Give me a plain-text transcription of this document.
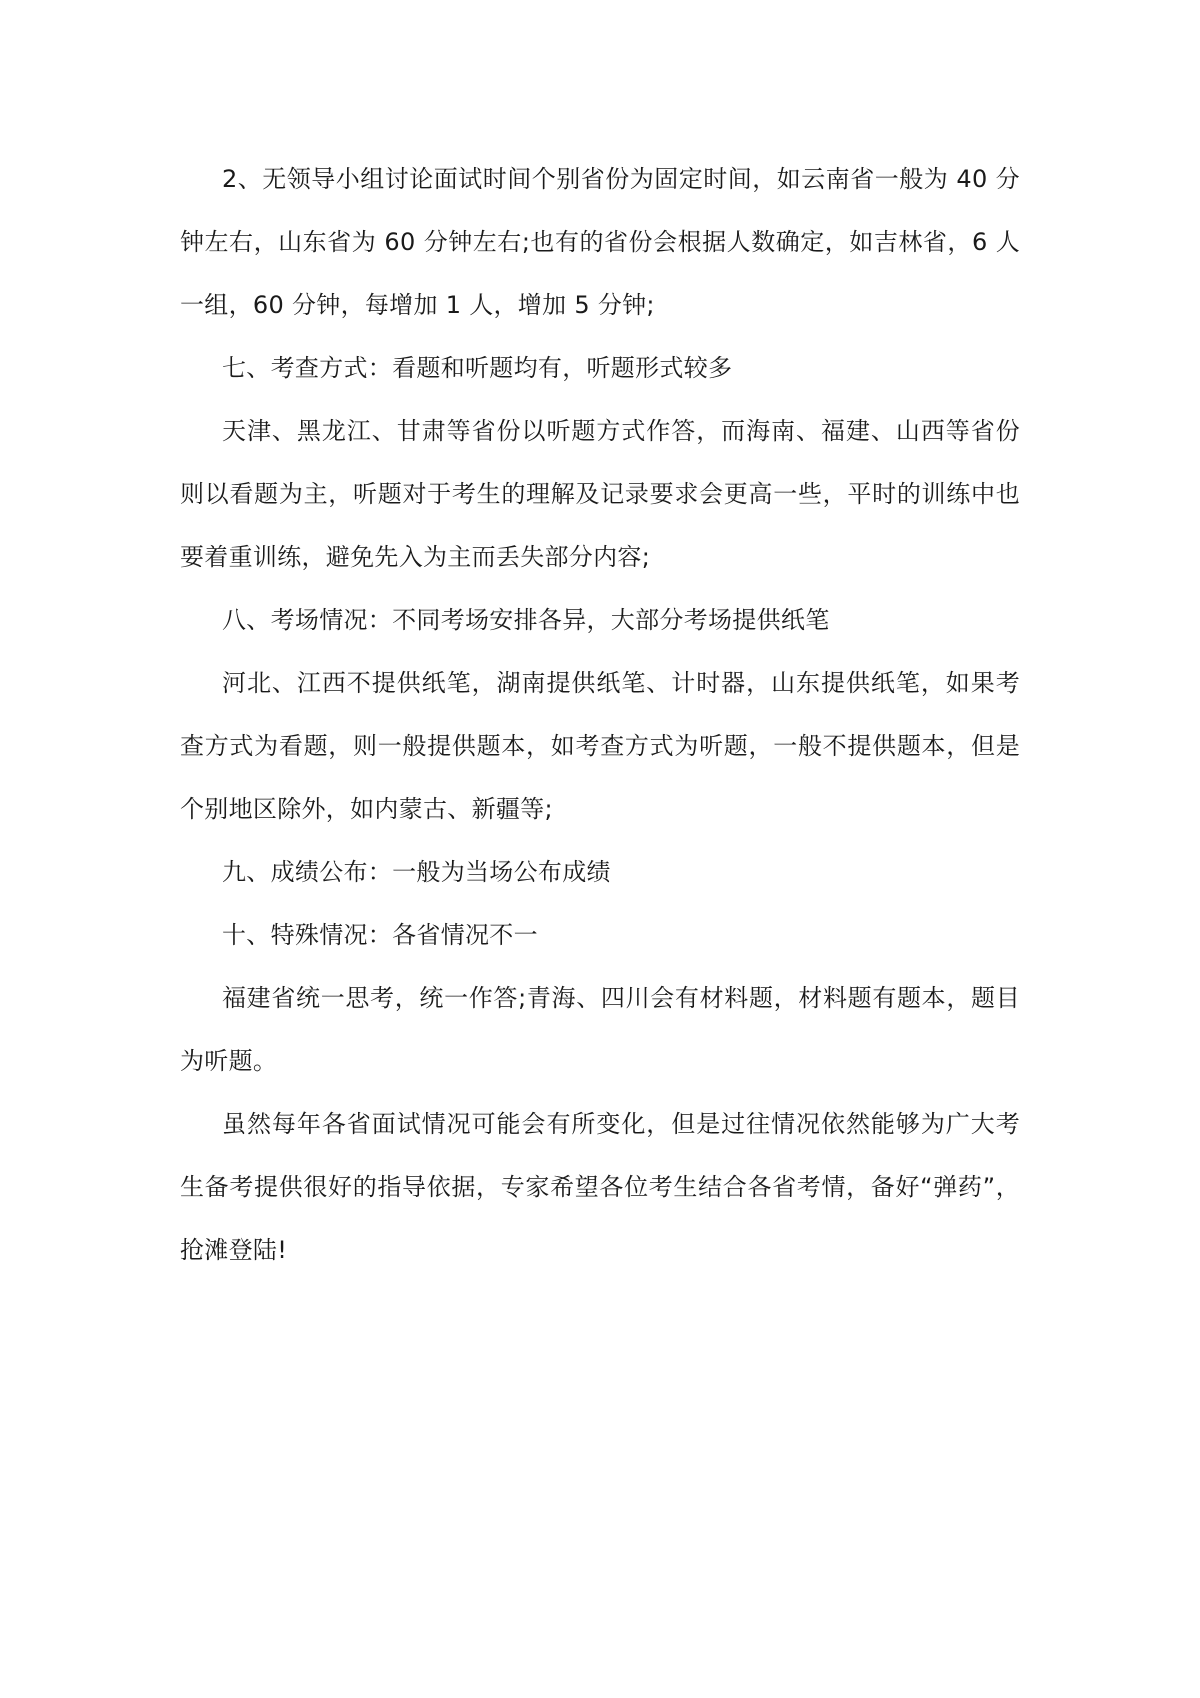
2、无领导小组讨论面试时间个别省份为固定时间，如云南省一般为 40 分钟左右，山东省为 60 分钟左右;也有的省份会根据人数确定，如吉林省，6 人一组，60 分钟，每增加 1 人，增加 5 分钟;

七、考查方式：看题和听题均有，听题形式较多

天津、黑龙江、甘肃等省份以听题方式作答，而海南、福建、山西等省份则以看题为主，听题对于考生的理解及记录要求会更高一些，平时的训练中也要着重训练，避免先入为主而丢失部分内容;

八、考场情况：不同考场安排各异，大部分考场提供纸笔

河北、江西不提供纸笔，湖南提供纸笔、计时器，山东提供纸笔，如果考查方式为看题，则一般提供题本，如考查方式为听题，一般不提供题本，但是个别地区除外，如内蒙古、新疆等;

九、成绩公布：一般为当场公布成绩

十、特殊情况：各省情况不一

福建省统一思考，统一作答;青海、四川会有材料题，材料题有题本，题目为听题。

虽然每年各省面试情况可能会有所变化，但是过往情况依然能够为广大考生备考提供很好的指导依据，专家希望各位考生结合各省考情，备好“弹药”，抢滩登陆!
